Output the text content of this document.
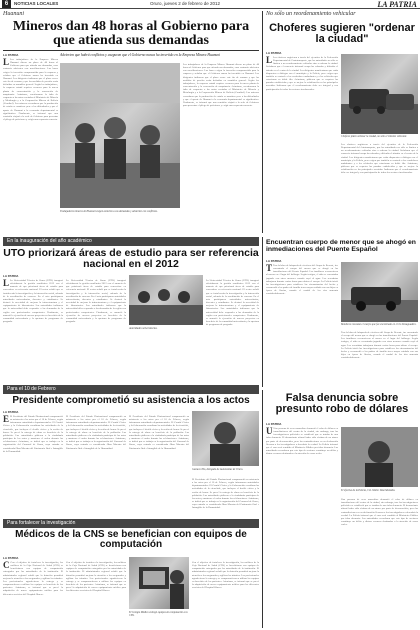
6	NOTICIAS LOCALES	Oruro, jueves 2 de febrero de 2012	LA PATRIA
Huanuni
Mineros dan 48 horas al Gobierno para que atienda sus demandas
LA PATRIA	Advierten que habrá conflictos y aseguran que el Gobierno nunca ha invertido en la Empresa Minera Huanuni
L Los trabajadores de la Empresa Minera Huanuni dieron un plazo de 48 horas al Gobierno para que atienda sus demandas, caso contrario advierten con movilizaciones. Las bases exigen la inversión comprometida para la empresa y señalan que el Gobierno nunca ha invertido en Huanuni. Los dirigentes indicaron que el plazo vence este fin de semana y que las medidas de presión serán definidas en asamblea general. Según los trabajadores, la empresa estatal requiere recursos para la nueva planta de concentración y la renovación de maquinaria. Asimismo, cuestionaron la falta de respuesta a las notas enviadas al Ministerio de Minería y Metalurgia y a la Corporación Minera de Bolivia (Comibol). Los mineros recordaron que la producción de estaño se mantiene pese a las dificultades y que el aporte de Huanuni a la economía departamental es significativo. Finalmente, se informó que una comisión viajará a la sede de Gobierno para presentar el pliego de peticiones y exigir una respuesta concreta.
Trabajadores mineros de Huanuni exigen atención a sus demandas y advierten con conflictos.
Los trabajadores de la Empresa Minera Huanuni dieron un plazo de 48 horas al Gobierno para que atienda sus demandas, caso contrario advierten con movilizaciones. Las bases exigen la inversión comprometida para la empresa y señalan que el Gobierno nunca ha invertido en Huanuni. Los dirigentes indicaron que el plazo vence este fin de semana y que las medidas de presión serán definidas en asamblea general. Según los trabajadores, la empresa estatal requiere recursos para la nueva planta de concentración y la renovación de maquinaria. Asimismo, cuestionaron la falta de respuesta a las notas enviadas al Ministerio de Minería y Metalurgia y a la Corporación Minera de Bolivia (Comibol). Los mineros recordaron que la producción de estaño se mantiene pese a las dificultades y que el aporte de Huanuni a la economía departamental es significativo. Finalmente, se informó que una comisión viajará a la sede de Gobierno para presentar el pliego de peticiones y exigir una respuesta concreta.
No sólo un reordenamiento vehicular
Choferes sugieren "ordenar la ciudad"
LA PATRIA
L Los choferes sugirieron a través del ejecutivo de la Federación Departamental del Autotransporte, que las autoridades no sólo se limiten a un reordenamiento vehicular sino a ordenar la ciudad. Señalaron que el comercio informal ocupa las calzadas y dificulta el tránsito en el centro de la ciudad. Los dirigentes manifestaron que están dispuestos a dialogar con el municipio y la Policía, pero exigen que también se controle a los vendedores ambulantes y a los vehículos que estacionan en doble fila. Asimismo, pidieron que se respeten las paradas establecidas y que se mejore la señalización en las principales avenidas. Indicaron que el reordenamiento debe ser integral y con participación de todos los sectores involucrados.
Choferes piden ordenar la ciudad, no sólo el tránsito vehicular.
Los choferes sugirieron a través del ejecutivo de la Federación Departamental del Autotransporte, que las autoridades no sólo se limiten a un reordenamiento vehicular sino a ordenar la ciudad. Señalaron que el comercio informal ocupa las calzadas y dificulta el tránsito en el centro de la ciudad. Los dirigentes manifestaron que están dispuestos a dialogar con el municipio y la Policía, pero exigen que también se controle a los vendedores ambulantes y a los vehículos que estacionan en doble fila. Asimismo, pidieron que se respeten las paradas establecidas y que se mejore la señalización en las principales avenidas. Indicaron que el reordenamiento debe ser integral y con participación de todos los sectores involucrados.
En la inauguración del año académico
UTO priorizará áreas de estudio para ser referencia nacional en el 2012
LA PATRIA
L La Universidad Técnica de Oruro (UTO) inauguró oficialmente la gestión académica 2012 con el anuncio de que priorizará áreas de estudio para convertirse en referencia nacional. El rector señaló que se fortalecerán la investigación y la interacción social, además de la acreditación de carreras. En el acto participaron autoridades universitarias, docentes y estudiantes. Se destacó la necesidad de mejorar la infraestructura y el equipamiento de laboratorios. Las autoridades indicaron que la universidad debe responder a las demandas de la región con profesionales competentes. Finalmente, se anunció la ejecución de nuevos proyectos en beneficio de la comunidad universitaria y la apertura de programas de posgrado.
La Universidad Técnica de Oruro (UTO) inauguró oficialmente la gestión académica 2012 con el anuncio de que priorizará áreas de estudio para convertirse en referencia nacional. El rector señaló que se fortalecerán la investigación y la interacción social, además de la acreditación de carreras. En el acto participaron autoridades universitarias, docentes y estudiantes. Se destacó la necesidad de mejorar la infraestructura y el equipamiento de laboratorios. Las autoridades indicaron que la universidad debe responder a las demandas de la región con profesionales competentes. Finalmente, se anunció la ejecución de nuevos proyectos en beneficio de la comunidad universitaria y la apertura de programas de posgrado.
Autoridades universitarias.
La Universidad Técnica de Oruro (UTO) inauguró oficialmente la gestión académica 2012 con el anuncio de que priorizará áreas de estudio para convertirse en referencia nacional. El rector señaló que se fortalecerán la investigación y la interacción social, además de la acreditación de carreras. En el acto participaron autoridades universitarias, docentes y estudiantes. Se destacó la necesidad de mejorar la infraestructura y el equipamiento de laboratorios. Las autoridades indicaron que la universidad debe responder a las demandas de la región con profesionales competentes. Finalmente, se anunció la ejecución de nuevos proyectos en beneficio de la comunidad universitaria y la apertura de programas de posgrado.
Encuentran cuerpo de menor que se ahogó en inmediaciones del Puente Español
LA PATRIA
T Tras la labor de búsqueda de efectivos del Grupo de Rescate, fue encontrado el cuerpo del menor que se ahogó en las inmediaciones del Puente Español. Los familiares reconocieron al menor en el lugar del hallazgo. Según testigos, el niño se encontraba jugando con otros menores cuando cayó al agua. Los rescatistas trabajaron durante varias horas para ubicar el cuerpo. La Policía inició las investigaciones para establecer las circunstancias del hecho y recomendó a los padres de familia tener mayor cuidado con sus hijos en época de lluvias, cuando el caudal de los ríos aumenta considerablemente.
Bomberos rescatan el cuerpo que fue encontrado en el río Desaguadero.
Tras la labor de búsqueda de efectivos del Grupo de Rescate, fue encontrado el cuerpo del menor que se ahogó en las inmediaciones del Puente Español. Los familiares reconocieron al menor en el lugar del hallazgo. Según testigos, el niño se encontraba jugando con otros menores cuando cayó al agua. Los rescatistas trabajaron durante varias horas para ubicar el cuerpo. La Policía inició las investigaciones para establecer las circunstancias del hecho y recomendó a los padres de familia tener mayor cuidado con sus hijos en época de lluvias, cuando el caudal de los ríos aumenta considerablemente.
Para el 10 de Febrero
Presidente comprometió su asistencia a los actos
LA PATRIA
E El Presidente del Estado Plurinacional comprometió su asistencia a los actos por el 10 de Febrero, según informaron autoridades departamentales. El Comité Cívico y la Gobernación coordinan las actividades de la efeméride, que incluyen el desfile cívico y la sesión de honor. Se prevé la entrega de obras en beneficio de la población. Las autoridades pidieron a la ciudadanía participar de los actos y mantener el orden durante las celebraciones. Asimismo, se indicó que se trabaja en la organización del Carnaval de Oruro, cuya entrada es considerada Obra Maestra del Patrimonio Oral e Intangible de la Humanidad.
El Presidente del Estado Plurinacional comprometió su asistencia a los actos por el 10 de Febrero, según informaron autoridades departamentales. El Comité Cívico y la Gobernación coordinan las actividades de la efeméride, que incluyen el desfile cívico y la sesión de honor. Se prevé la entrega de obras en beneficio de la población. Las autoridades pidieron a la ciudadanía participar de los actos y mantener el orden durante las celebraciones. Asimismo, se indicó que se trabaja en la organización del Carnaval de Oruro, cuya entrada es considerada Obra Maestra del Patrimonio Oral e Intangible de la Humanidad.
El Presidente del Estado Plurinacional comprometió su asistencia a los actos por el 10 de Febrero, según informaron autoridades departamentales. El Comité Cívico y la Gobernación coordinan las actividades de la efeméride, que incluyen el desfile cívico y la sesión de honor. Se prevé la entrega de obras en beneficio de la población. Las autoridades pidieron a la ciudadanía participar de los actos y mantener el orden durante las celebraciones. Asimismo, se indicó que se trabaja en la organización del Carnaval de Oruro, cuya entrada es considerada Obra Maestra del Patrimonio Oral e Intangible de la Humanidad.
Gustavo Tito, delegado de Autonomías de Oruro.
El Presidente del Estado Plurinacional comprometió su asistencia a los actos por el 10 de Febrero, según informaron autoridades departamentales. El Comité Cívico y la Gobernación coordinan las actividades de la efeméride, que incluyen el desfile cívico y la sesión de honor. Se prevé la entrega de obras en beneficio de la población. Las autoridades pidieron a la ciudadanía participar de los actos y mantener el orden durante las celebraciones. Asimismo, se indicó que se trabaja en la organización del Carnaval de Oruro, cuya entrada es considerada Obra Maestra del Patrimonio Oral e Intangible de la Humanidad.
Falsa denuncia sobre presunto robo de dólares
LA PATRIA
U Una persona de sexo masculino denunció el robo de dólares en inmediaciones del centro de la ciudad, sin embargo, tras las investigaciones policiales se estableció que se trataba de una falsa denuncia. El denunciante afirmó haber sido víctima de un atraco por parte de desconocidos, pero las contradicciones en su declaración llevaron a los investigadores a descubrir la verdad. La Policía informó que el caso será remitido al Ministerio Público por falsa denuncia. Las autoridades recordaron que este tipo de acciones constituye un delito y distrae recursos destinados a la atención de casos reales.
El efectivo de la Policía, Cnl. Walter Díaz Montaño.
Una persona de sexo masculino denunció el robo de dólares en inmediaciones del centro de la ciudad, sin embargo, tras las investigaciones policiales se estableció que se trataba de una falsa denuncia. El denunciante afirmó haber sido víctima de un atraco por parte de desconocidos, pero las contradicciones en su declaración llevaron a los investigadores a descubrir la verdad. La Policía informó que el caso será remitido al Ministerio Público por falsa denuncia. Las autoridades recordaron que este tipo de acciones constituye un delito y distrae recursos destinados a la atención de casos reales.
Para fortalecer la investigación
Médicos de la CNS se benefician con equipos de computación
LA PATRIA
C Con el objetivo de fortalecer la investigación, los médicos de la Caja Nacional de Salud (CNS) se beneficiaron con equipos de computación entregados por las autoridades de la institución. El administrador regional señaló que la dotación permitirá mejorar la atención a los asegurados y agilizar los trámites. Los profesionales agradecieron la entrega y se comprometieron a utilizar los equipos en beneficio de los pacientes. Asimismo, se informó que se prevé la adquisición de nuevo equipamiento médico para los diferentes servicios del Hospital Obrero.
Con el objetivo de fortalecer la investigación, los médicos de la Caja Nacional de Salud (CNS) se beneficiaron con equipos de computación entregados por las autoridades de la institución. El administrador regional señaló que la dotación permitirá mejorar la atención a los asegurados y agilizar los trámites. Los profesionales agradecieron la entrega y se comprometieron a utilizar los equipos en beneficio de los pacientes. Asimismo, se informó que se prevé la adquisición de nuevo equipamiento médico para los diferentes servicios del Hospital Obrero.
El Colegio Médico entregó equipos de computación a la CNS.
Con el objetivo de fortalecer la investigación, los médicos de la Caja Nacional de Salud (CNS) se beneficiaron con equipos de computación entregados por las autoridades de la institución. El administrador regional señaló que la dotación permitirá mejorar la atención a los asegurados y agilizar los trámites. Los profesionales agradecieron la entrega y se comprometieron a utilizar los equipos en beneficio de los pacientes. Asimismo, se informó que se prevé la adquisición de nuevo equipamiento médico para los diferentes servicios del Hospital Obrero.
